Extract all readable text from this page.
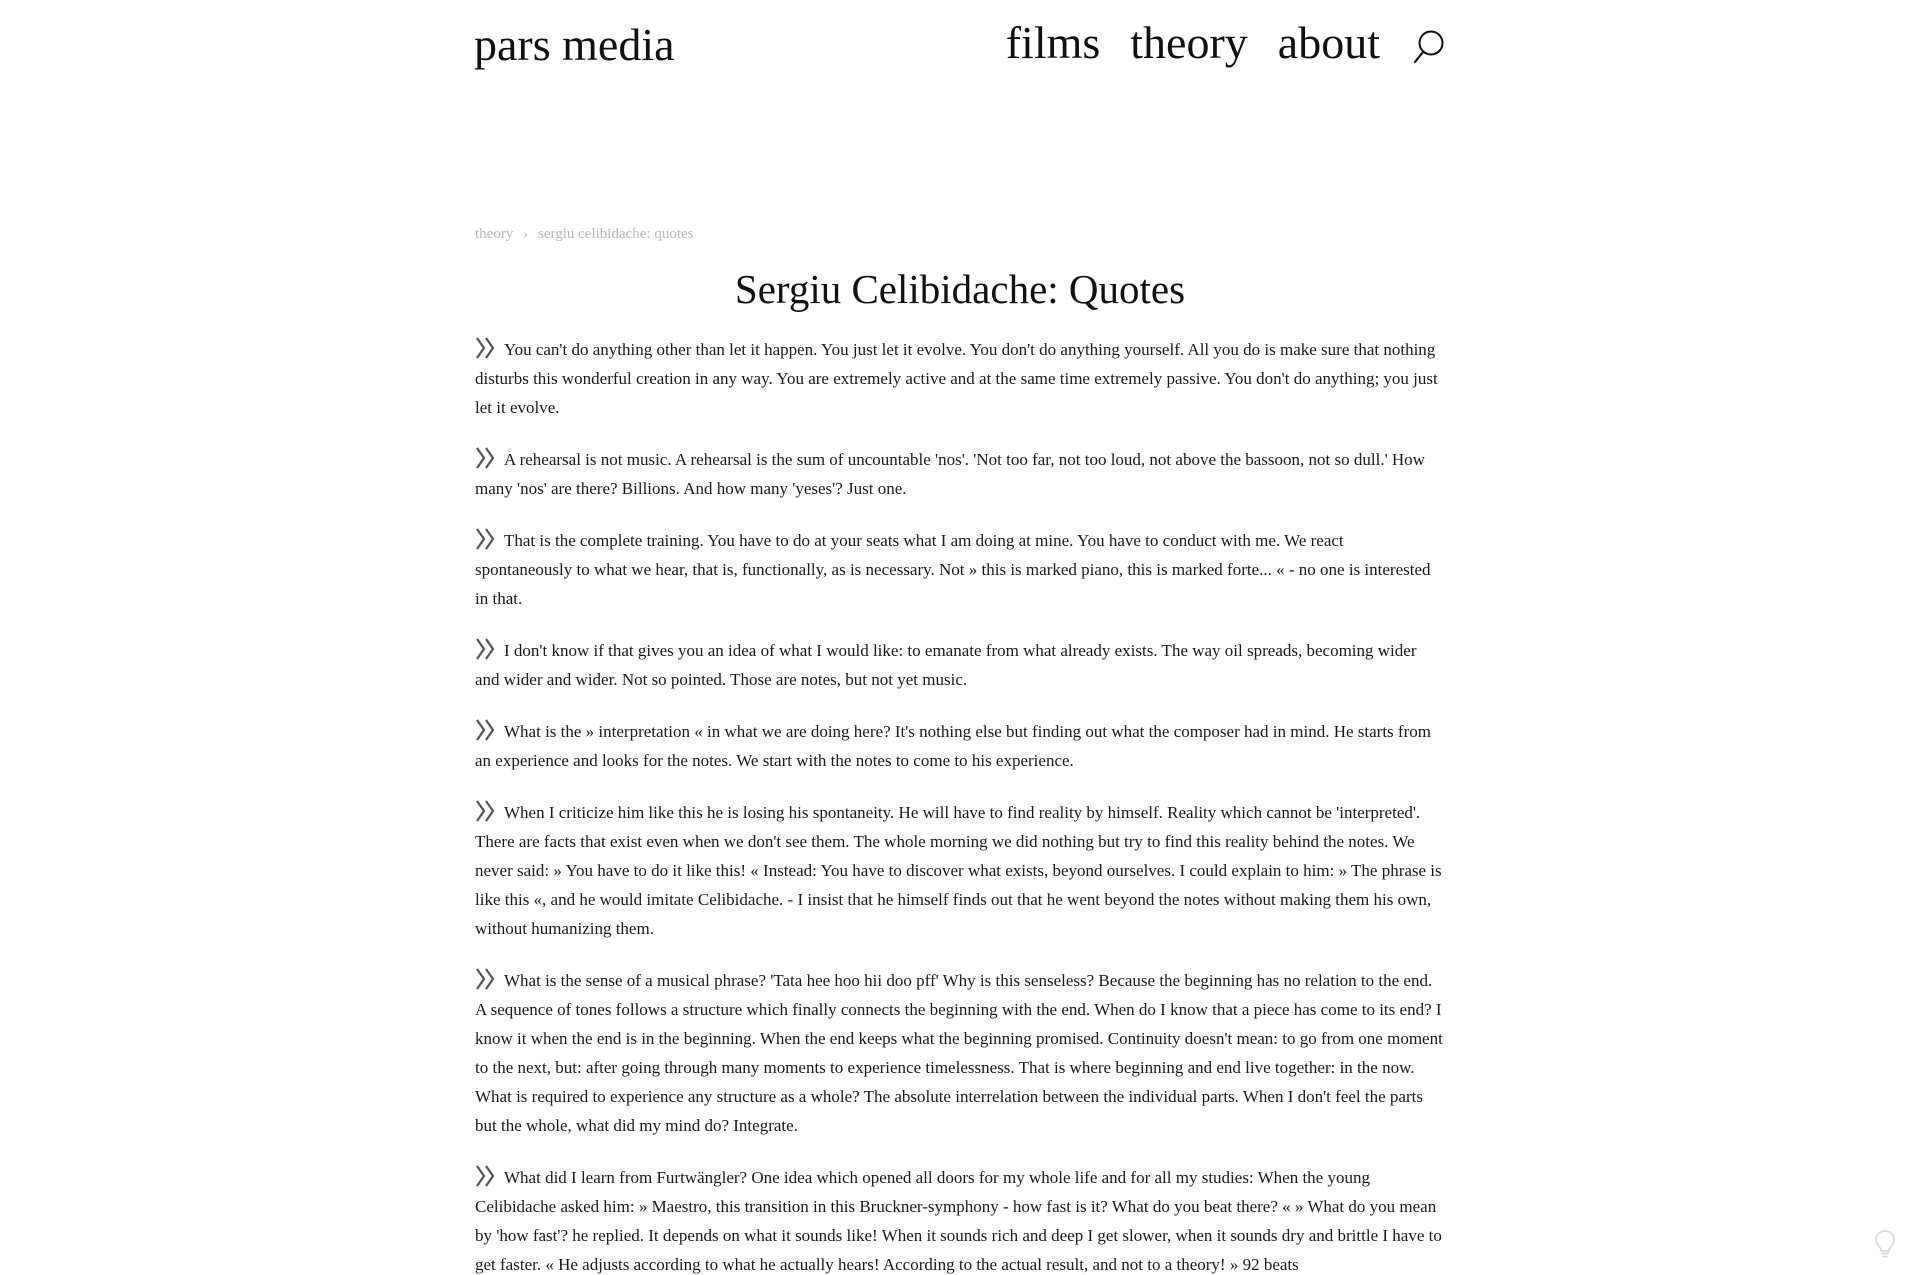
pars media	films theory about
theory › sergiu celibidache: quotes
Sergiu Celibidache: Quotes

You can't do anything other than let it happen. You just let it evolve. You don't do anything yourself. All you do is make sure that nothing disturbs this wonderful creation in any way. You are extremely active and at the same time extremely passive. You don't do anything; you just let it evolve.

A rehearsal is not music. A rehearsal is the sum of uncountable 'nos'. 'Not too far, not too loud, not above the bassoon, not so dull.' How many 'nos' are there? Billions. And how many 'yeses'? Just one.

That is the complete training. You have to do at your seats what I am doing at mine. You have to conduct with me. We react spontaneously to what we hear, that is, functionally, as is necessary. Not » this is marked piano, this is marked forte... « - no one is interested in that.

I don't know if that gives you an idea of what I would like: to emanate from what already exists. The way oil spreads, becoming wider and wider and wider. Not so pointed. Those are notes, but not yet music.

What is the » interpretation « in what we are doing here? It's nothing else but finding out what the composer had in mind. He starts from an experience and looks for the notes. We start with the notes to come to his experience.

When I criticize him like this he is losing his spontaneity. He will have to find reality by himself. Reality which cannot be 'interpreted'. There are facts that exist even when we don't see them. The whole morning we did nothing but try to find this reality behind the notes. We never said: » You have to do it like this! « Instead: You have to discover what exists, beyond ourselves. I could explain to him: » The phrase is like this «, and he would imitate Celibidache. - I insist that he himself finds out that he went beyond the notes without making them his own, without humanizing them.

What is the sense of a musical phrase? 'Tata hee hoo hii doo pff' Why is this senseless? Because the beginning has no relation to the end. A sequence of tones follows a structure which finally connects the beginning with the end. When do I know that a piece has come to its end? I know it when the end is in the beginning. When the end keeps what the beginning promised. Continuity doesn't mean: to go from one moment to the next, but: after going through many moments to experience timelessness. That is where beginning and end live together: in the now. What is required to experience any structure as a whole? The absolute interrelation between the individual parts. When I don't feel the parts but the whole, what did my mind do? Integrate.

What did I learn from Furtwängler? One idea which opened all doors for my whole life and for all my studies: When the young Celibidache asked him: » Maestro, this transition in this Bruckner-symphony - how fast is it? What do you beat there? « » What do you mean by 'how fast'? he replied. It depends on what it sounds like! When it sounds rich and deep I get slower, when it sounds dry and brittle I have to get faster. « He adjusts according to what he actually hears! According to the actual result, and not to a theory! » 92 beats
